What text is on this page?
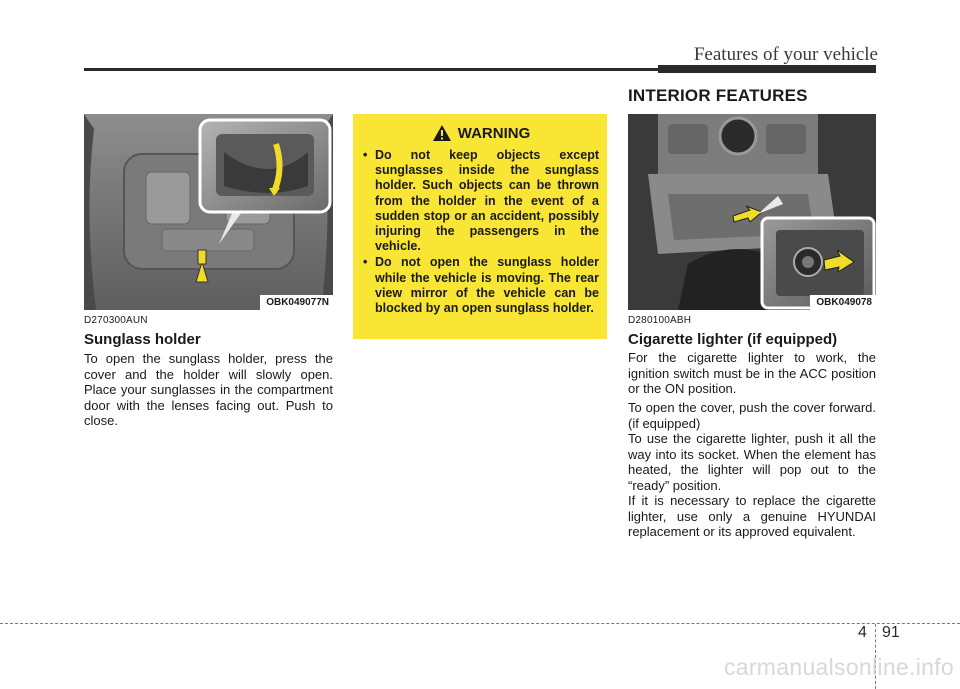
Features of your vehicle
INTERIOR FEATURES
OBK049077N
D270300AUN
Sunglass holder
To open the sunglass holder, press the cover and the holder will slowly open. Place your sunglasses in the compartment door with the lenses facing out. Push to close.
WARNING
• Do not keep objects except sunglasses inside the sunglass holder. Such objects can be thrown from the holder in the event of a sudden stop or an accident, possibly injuring the passengers in the vehicle.
• Do not open the sunglass holder while the vehicle is moving. The rear view mirror of the vehicle can be blocked by an open sunglass holder.	OBK049078
D280100ABH
Cigarette lighter (if equipped)
For the cigarette lighter to work, the ignition switch must be in the ACC position or the ON position.
To open the cover, push the cover forward. (if equipped)
To use the cigarette lighter, push it all the way into its socket. When the element has heated, the lighter will pop out to the “ready” position.
If it is necessary to replace the cigarette lighter, use only a genuine HYUNDAI replacement or its approved equivalent.
4 91
carmanualsonline.info
